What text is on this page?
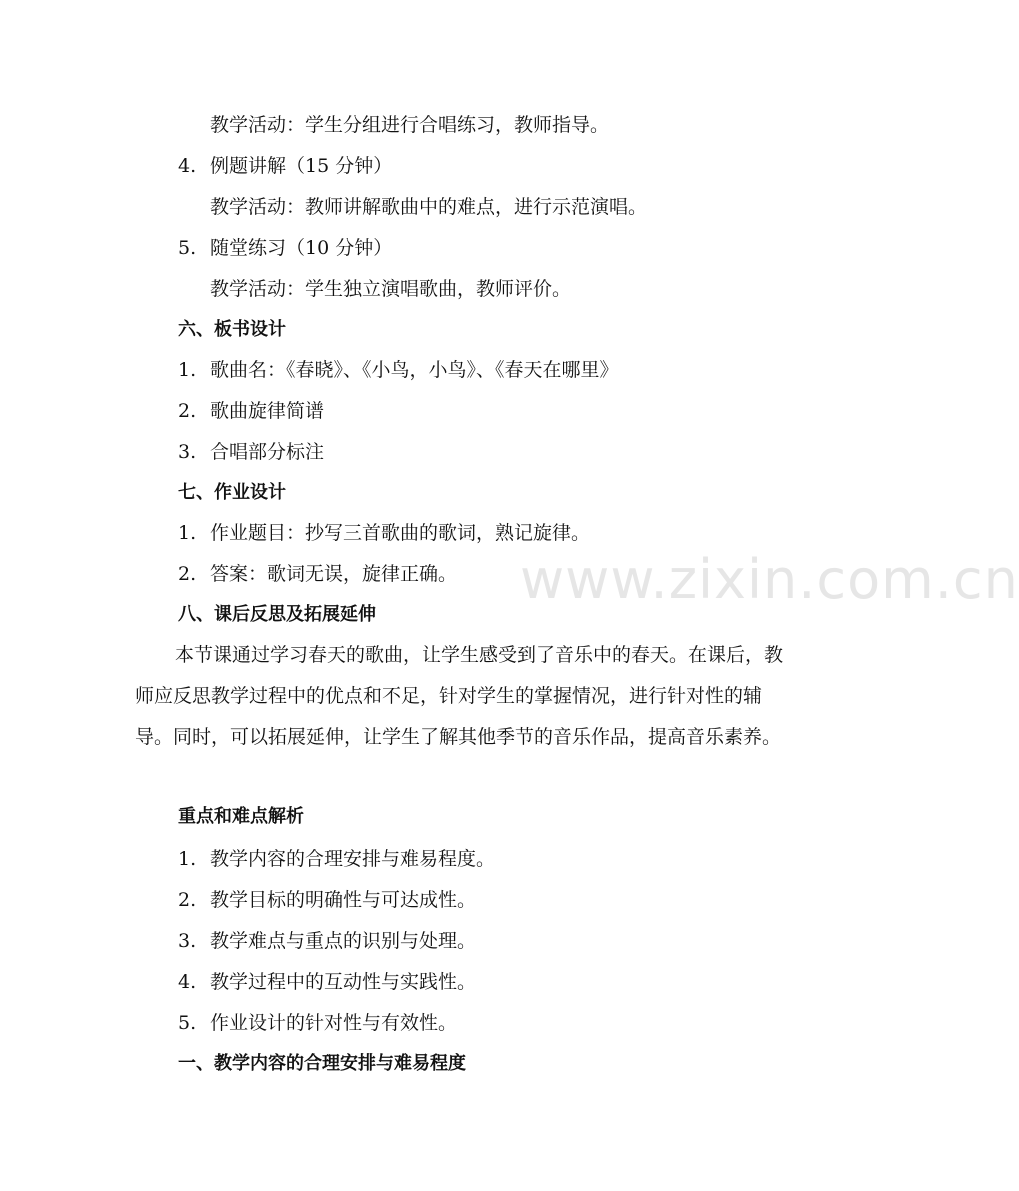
www.zixin.com.cn
教学活动：学生分组进行合唱练习，教师指导。
4. 例题讲解（15 分钟）
教学活动：教师讲解歌曲中的难点，进行示范演唱。
5. 随堂练习（10 分钟）
教学活动：学生独立演唱歌曲，教师评价。
六、板书设计
1. 歌曲名：《春晓》、《小鸟，小鸟》、《春天在哪里》
2. 歌曲旋律简谱
3. 合唱部分标注
七、作业设计
1. 作业题目：抄写三首歌曲的歌词，熟记旋律。
2. 答案：歌词无误，旋律正确。
八、课后反思及拓展延伸
本节课通过学习春天的歌曲，让学生感受到了音乐中的春天。在课后，教师应反思教学过程中的优点和不足，针对学生的掌握情况，进行针对性的辅导。同时，可以拓展延伸，让学生了解其他季节的音乐作品，提高音乐素养。
重点和难点解析
1. 教学内容的合理安排与难易程度。
2. 教学目标的明确性与可达成性。
3. 教学难点与重点的识别与处理。
4. 教学过程中的互动性与实践性。
5. 作业设计的针对性与有效性。
一、教学内容的合理安排与难易程度
